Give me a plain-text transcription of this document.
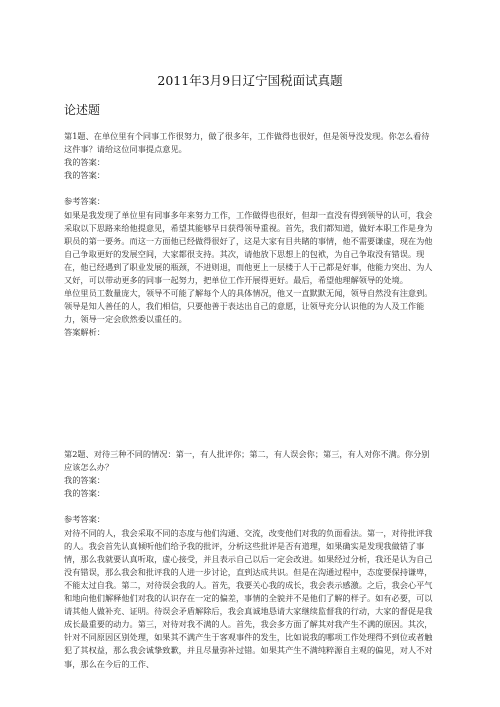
2011年3月9日辽宁国税面试真题
论述题

第1题、在单位里有个同事工作很努力，做了很多年，工作做得也很好，但是领导没发现。你怎么看待这件事？请给这位同事提点意见。

我的答案：

我的答案：

参考答案：

如果是我发现了单位里有同事多年来努力工作，工作做得也很好，但却一直没有得到领导的认可，我会采取以下思路来给他提意见，希望其能够早日获得领导重视。首先，我们都知道，做好本职工作是身为职员的第一要务。而这一方面他已经做得很好了，这是大家有目共睹的事情，他不需要谦虚，现在为他自己争取更好的发展空间，大家都很支持。其次，请他放下思想上的包袱，为自己争取没有错误。现在，他已经遇到了职业发展的瓶颈，不进则退，而他更上一层楼于人于己都是好事，他能力突出、为人又好，可以带动更多的同事一起努力，把单位工作开展得更好。最后，希望他理解领导的处境。

单位里员工数量庞大，领导不可能了解每个人的具体情况，他又一直默默无闻，领导自然没有注意到。领导是知人善任的人，我们相信，只要他善于表达出自己的意愿，让领导充分认识他的为人及工作能力，领导一定会欣然委以重任的。

答案解析：

第2题、对待三种不同的情况：第一，有人批评你；第二，有人误会你；第三，有人对你不满。你分别应该怎么办？

我的答案：

我的答案：

参考答案：

对待不同的人，我会采取不同的态度与他们沟通、交流，改变他们对我的负面看法。第一，对待批评我的人。我会首先认真倾听他们给予我的批评，分析这些批评是否有道理，如果确实是发现我做错了事情，那么我就要认真听取，虚心接受，并且表示自己以后一定会改进。如果经过分析，我还是认为自己没有错误，那么我会和批评我的人进一步讨论，直到达成共识。但是在沟通过程中，态度要保持谦卑，不能太过自我。第二，对待误会我的人。首先，我要关心我的成长，我会表示感激。之后，我会心平气和地向他们解释他们对我的认识存在一定的偏差，事情的全貌并不是他们了解的样子。如有必要，可以请其他人做补充、证明。待误会矛盾解除后，我会真诚地恳请大家继续监督我的行动，大家的督促是我成长最重要的动力。第三，对待对我不满的人。首先，我会多方面了解其对我产生不满的原因。其次，针对不同原因区别处理，如果其不满产生于客观事件的发生，比如说我的哪项工作处理得不到位或者触犯了其权益，那么我会诚挚致歉，并且尽量弥补过错。如果其产生不满纯粹源自主观的偏见，对人不对事，那么在今后的工作、
